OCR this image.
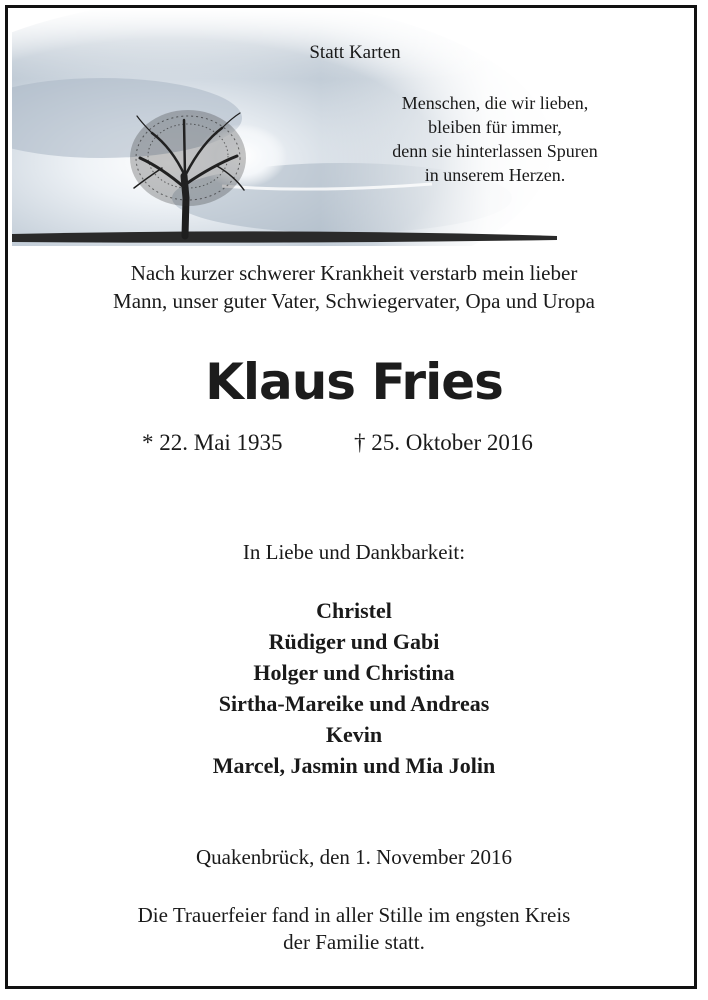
Statt Karten
Menschen, die wir lieben,
bleiben für immer,
denn sie hinterlassen Spuren
in unserem Herzen.
Nach kurzer schwerer Krankheit verstarb mein lieber
Mann, unser guter Vater, Schwiegervater, Opa und Uropa
Klaus Fries
* 22. Mai 1935	† 25. Oktober 2016
In Liebe und Dankbarkeit:
Christel
Rüdiger und Gabi
Holger und Christina
Sirtha-Mareike und Andreas
Kevin
Marcel, Jasmin und Mia Jolin
Quakenbrück, den 1. November 2016
Die Trauerfeier fand in aller Stille im engsten Kreis
der Familie statt.
